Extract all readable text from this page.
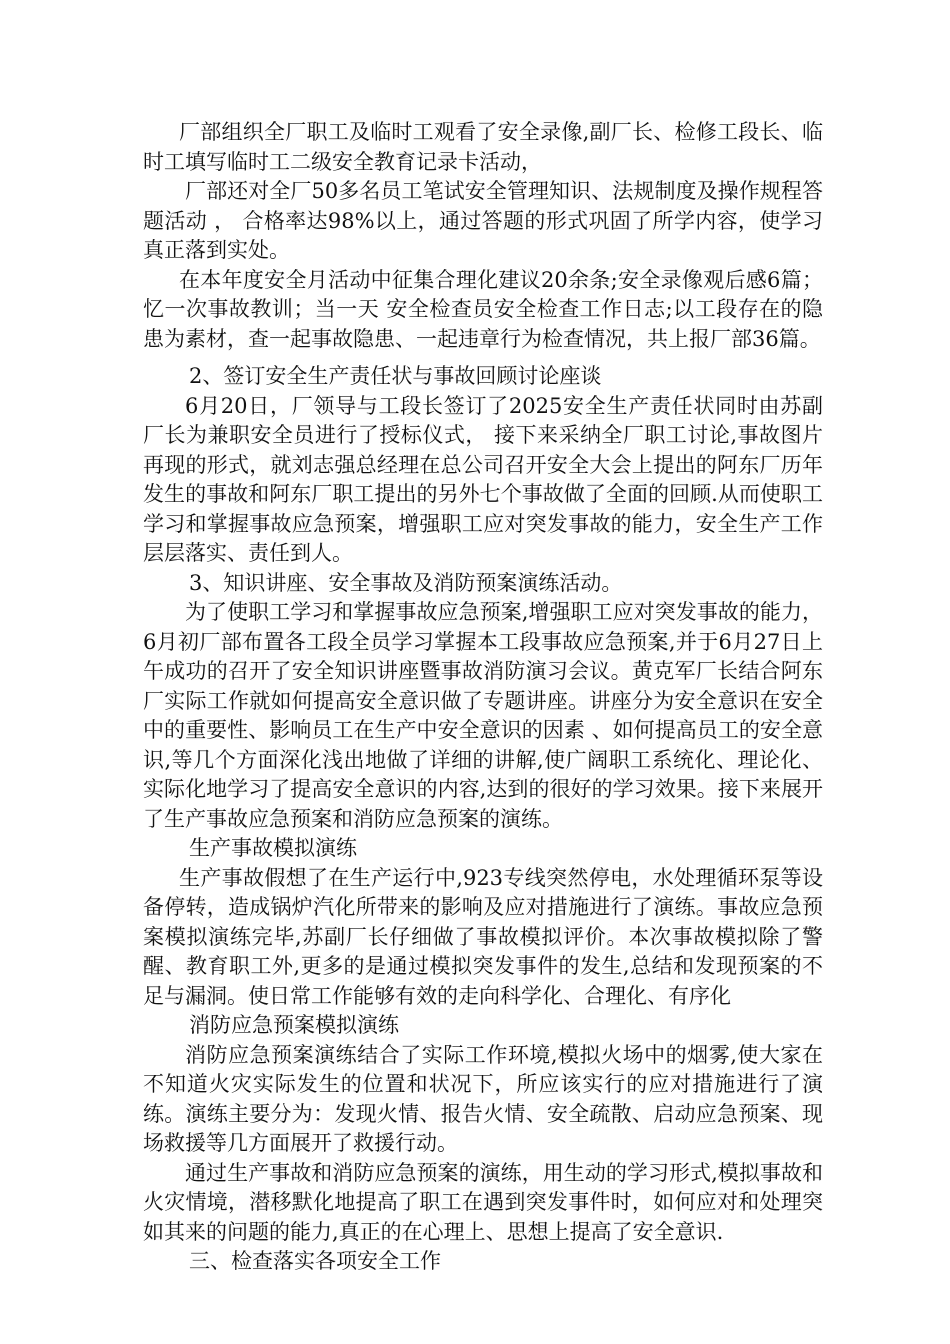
厂部组织全厂职工及临时工观看了安全录像,副厂长、检修工段长、临时工填写临时工二级安全教育记录卡活动，

厂部还对全厂50多名员工笔试安全管理知识、法规制度及操作规程答题活动 ， 合格率达98%以上，通过答题的形式巩固了所学内容，使学习真正落到实处。

在本年度安全月活动中征集合理化建议20余条;安全录像观后感6篇；忆一次事故教训；当一天 安全检查员安全检查工作日志;以工段存在的隐患为素材，查一起事故隐患、一起违章行为检查情况，共上报厂部36篇。

2、签订安全生产责任状与事故回顾讨论座谈

6月20日，厂领导与工段长签订了2025安全生产责任状同时由苏副厂长为兼职安全员进行了授标仪式， 接下来采纳全厂职工讨论,事故图片再现的形式，就刘志强总经理在总公司召开安全大会上提出的阿东厂历年发生的事故和阿东厂职工提出的另外七个事故做了全面的回顾.从而使职工学习和掌握事故应急预案，增强职工应对突发事故的能力，安全生产工作层层落实、责任到人。

3、知识讲座、安全事故及消防预案演练活动。

为了使职工学习和掌握事故应急预案,增强职工应对突发事故的能力，6月初厂部布置各工段全员学习掌握本工段事故应急预案,并于6月27日上午成功的召开了安全知识讲座暨事故消防演习会议。黄克军厂长结合阿东厂实际工作就如何提高安全意识做了专题讲座。讲座分为安全意识在安全中的重要性、影响员工在生产中安全意识的因素 、如何提高员工的安全意识,等几个方面深化浅出地做了详细的讲解,使广阔职工系统化、理论化、实际化地学习了提高安全意识的内容,达到的很好的学习效果。接下来展开了生产事故应急预案和消防应急预案的演练。

生产事故模拟演练

生产事故假想了在生产运行中,923专线突然停电，水处理循环泵等设备停转，造成锅炉汽化所带来的影响及应对措施进行了演练。事故应急预案模拟演练完毕,苏副厂长仔细做了事故模拟评价。本次事故模拟除了警醒、教育职工外,更多的是通过模拟突发事件的发生,总结和发现预案的不足与漏洞。使日常工作能够有效的走向科学化、合理化、有序化

消防应急预案模拟演练

消防应急预案演练结合了实际工作环境,模拟火场中的烟雾,使大家在不知道火灾实际发生的位置和状况下，所应该实行的应对措施进行了演练。演练主要分为：发现火情、报告火情、安全疏散、启动应急预案、现场救援等几方面展开了救援行动。

通过生产事故和消防应急预案的演练，用生动的学习形式,模拟事故和火灾情境，潜移默化地提高了职工在遇到突发事件时，如何应对和处理突如其来的问题的能力,真正的在心理上、思想上提高了安全意识.

三、检查落实各项安全工作
